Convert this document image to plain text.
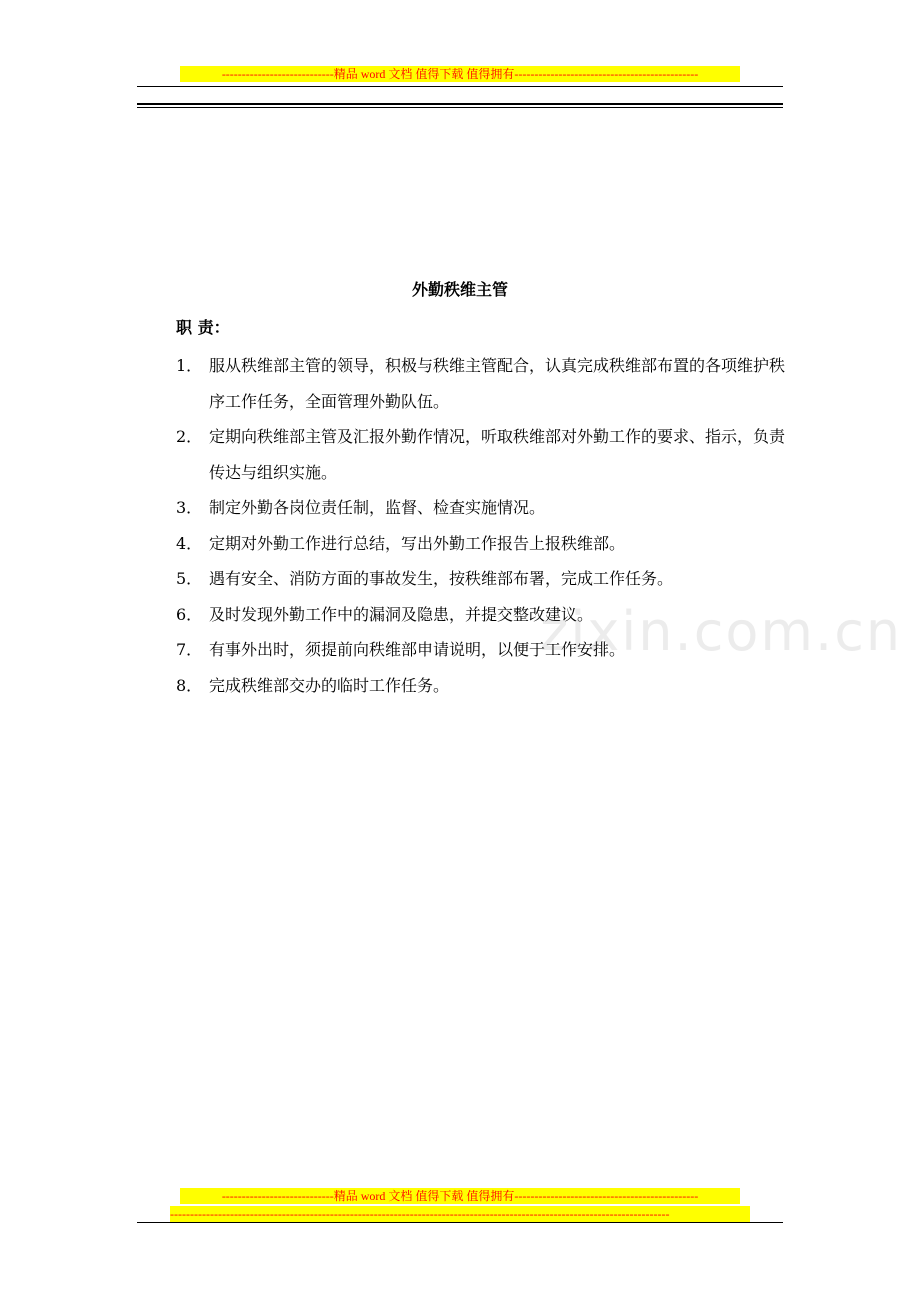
----------------------------精品 word 文档 值得下载 值得拥有----------------------------------------------
外勤秩维主管
职 责：
1． 服从秩维部主管的领导，积极与秩维主管配合，认真完成秩维部布置的各项维护秩序工作任务，全面管理外勤队伍。
2． 定期向秩维部主管及汇报外勤作情况，听取秩维部对外勤工作的要求、指示，负责传达与组织实施。
3． 制定外勤各岗位责任制，监督、检查实施情况。
4． 定期对外勤工作进行总结，写出外勤工作报告上报秩维部。
5． 遇有安全、消防方面的事故发生，按秩维部布署，完成工作任务。
6． 及时发现外勤工作中的漏洞及隐患，并提交整改建议。
7． 有事外出时，须提前向秩维部申请说明，以便于工作安排。
8． 完成秩维部交办的临时工作任务。
zixin.com.cn
----------------------------精品 word 文档 值得下载 值得拥有----------------------------------------------
-----------------------------------------------------------------------------------------------------------------------------
